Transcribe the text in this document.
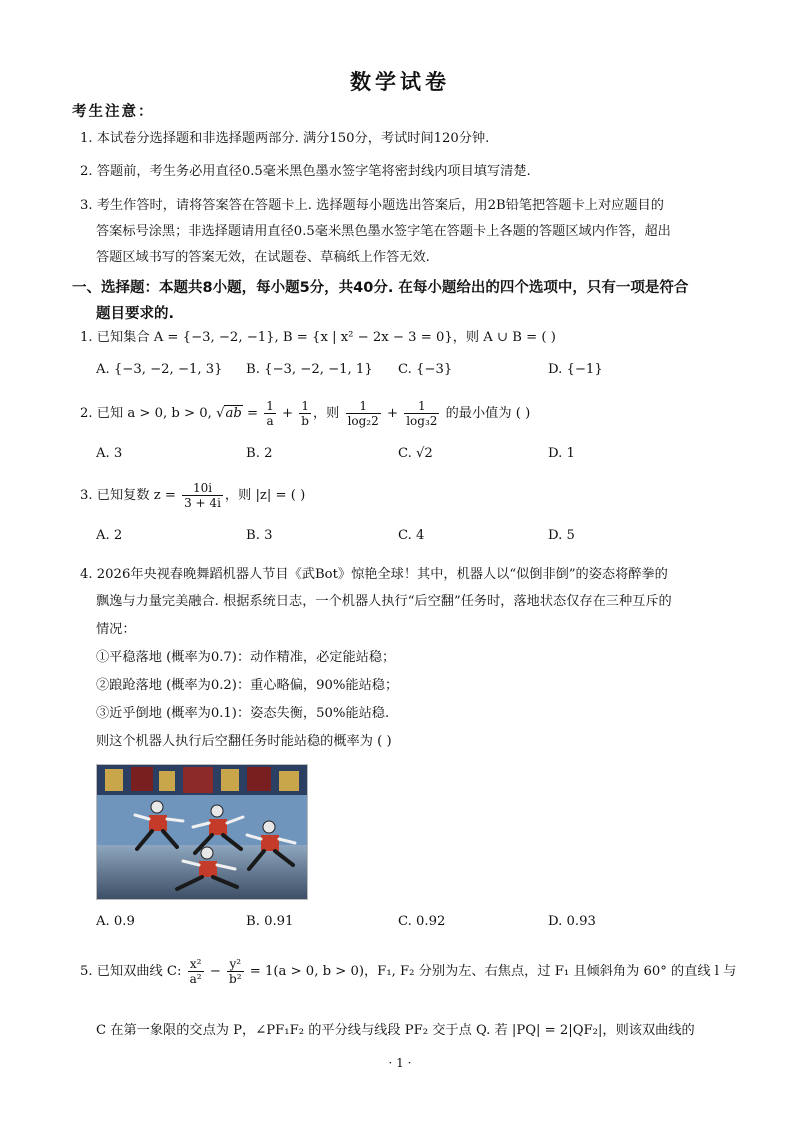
数学试卷
考生注意：
1. 本试卷分选择题和非选择题两部分. 满分150分，考试时间120分钟.
2. 答题前，考生务必用直径0.5毫米黑色墨水签字笔将密封线内项目填写清楚.
3. 考生作答时，请将答案答在答题卡上. 选择题每小题选出答案后，用2B铅笔把答题卡上对应题目的
答案标号涂黑；非选择题请用直径0.5毫米黑色墨水签字笔在答题卡上各题的答题区域内作答，超出
答题区域书写的答案无效，在试题卷、草稿纸上作答无效.
一、选择题：本题共8小题，每小题5分，共40分. 在每小题给出的四个选项中，只有一项是符合
题目要求的.
1. 已知集合 A = {−3, −2, −1}, B = {x | x² − 2x − 3 = 0}，则 A ∪ B = ( )
A. {−3, −2, −1, 3} B. {−3, −2, −1, 1} C. {−3}	D. {−1}
2. 已知 a > 0, b > 0, $√ab = \frac{1}{a} + \frac{1}{b}$ ，则 $\frac{1}{\text{log₂2}} + \frac{1}{\text{log₃2}}$ 的最小值为 ( )
A. 3	B. 2	C. √2	D. 1
3. 已知复数 $z = \frac{10i}{3 + 4i}$ ，则 |z| = ( )
A. 2	B. 3	C. 4	D. 5
4. 2026年央视春晚舞蹈机器人节目《武Bot》惊艳全球！其中，机器人以“似倒非倒”的姿态将醉拳的
飘逸与力量完美融合. 根据系统日志，一个机器人执行“后空翻”任务时，落地状态仅存在三种互斥的
情况：
①平稳落地 (概率为0.7)：动作精准，必定能站稳；
②踉跄落地 (概率为0.2)：重心略偏，90%能站稳；
③近乎倒地 (概率为0.1)：姿态失衡，50%能站稳.
则这个机器人执行后空翻任务时能站稳的概率为 ( )
A. 0.9	B. 0.91	C. 0.92	D. 0.93
5. 已知双曲线 C: $\frac{\text{x²}}{\text{a²}} - \frac{\text{y²}}{\text{b²}} = 1(a > 0$, b > 0)，F₁, F₂ 分别为左、右焦点，过 F₁ 且倾斜角为 60° 的直线 l 与
C 在第一象限的交点为 P，∠PF₁F₂ 的平分线与线段 PF₂ 交于点 Q. 若 |PQ| = 2|QF₂|，则该双曲线的
· 1 ·
